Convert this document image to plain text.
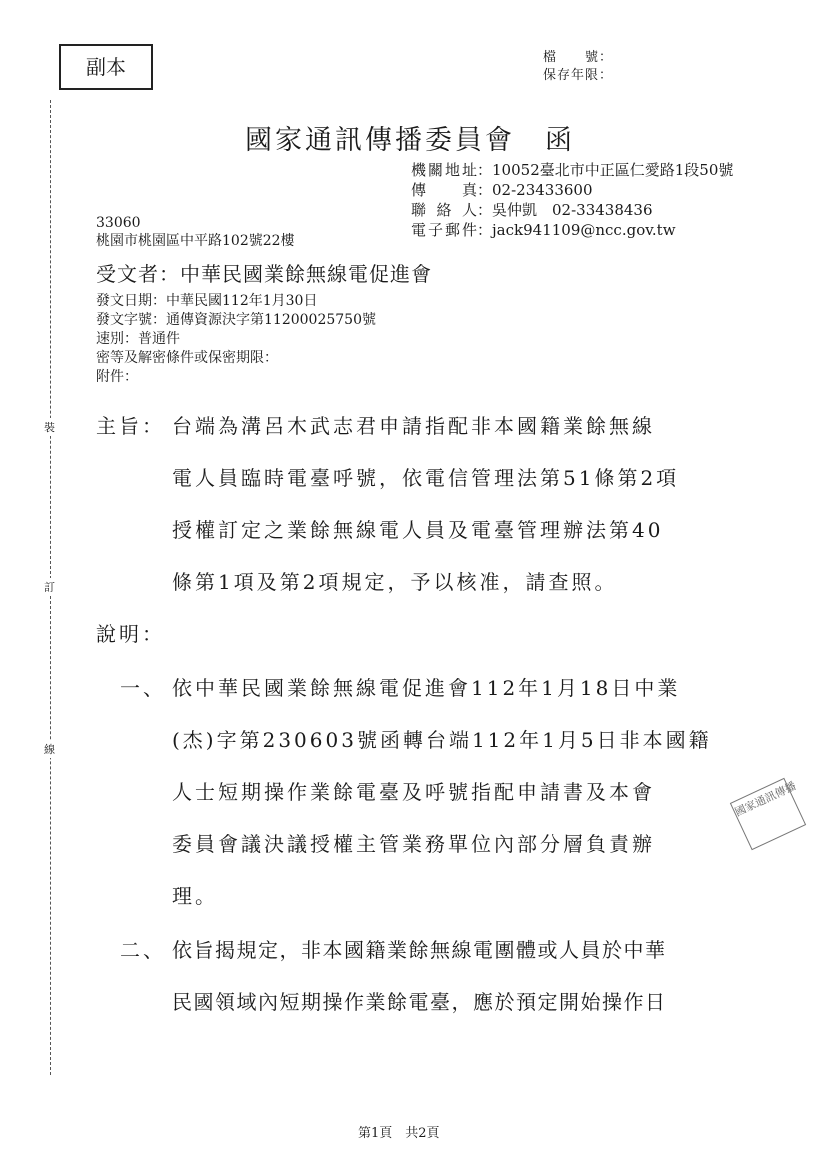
裝
訂
線
副本	檔　　號：
保存年限：
國家通訊傳播委員會　函
機關地址：10052臺北市中正區仁愛路1段50號
傳　　真：02-23433600
聯 絡 人：吳仲凱　02-33438436
電子郵件：jack941109@ncc.gov.tw
33060
桃園市桃園區中平路102號22樓
受文者：中華民國業餘無線電促進會
發文日期：中華民國112年1月30日
發文字號：通傳資源決字第11200025750號
速別：普通件
密等及解密條件或保密期限：
附件：
主旨： 台端為溝呂木武志君申請指配非本國籍業餘無線
電人員臨時電臺呼號，依電信管理法第51條第2項
授權訂定之業餘無線電人員及電臺管理辦法第40
條第1項及第2項規定，予以核准，請查照。
說明：
一、 依中華民國業餘無線電促進會112年1月18日中業
(杰)字第230603號函轉台端112年1月5日非本國籍
人士短期操作業餘電臺及呼號指配申請書及本會
委員會議決議授權主管業務單位內部分層負責辦
理。
二、 依旨揭規定，非本國籍業餘無線電團體或人員於中華
民國領域內短期操作業餘電臺，應於預定開始操作日
國家通訊傳播
第1頁　共2頁
